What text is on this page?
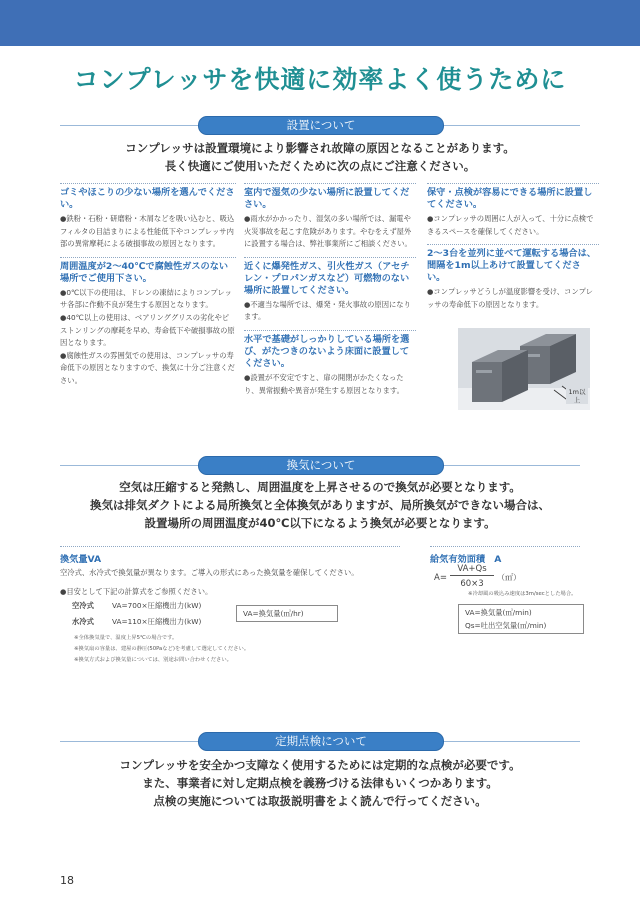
コンプレッサを快適に効率よく使うために
設置について
コンプレッサは設置環境により影響され故障の原因となることがあります。
長く快適にご使用いただくために次の点にご注意ください。
ゴミやほこりの少ない場所を選んでください。

●鉄粉・石粉・研磨粉・木屑などを吸い込むと、吸込フィルタの目詰まりによる性能低下やコンプレッサ内部の異常摩耗による破損事故の原因となります。

周囲温度が2〜40℃で腐蝕性ガスのない場所でご使用下さい。

●0℃以下の使用は、ドレンの凍結によりコンプレッサ各部に作動不良が発生する原因となります。

●40℃以上の使用は、ベアリンググリスの劣化やピストンリングの摩耗を早め、寿命低下や破損事故の原因となります。

●腐蝕性ガスの雰囲気での使用は、コンプレッサの寿命低下の原因となりますので、換気に十分ご注意ください。

室内で湿気の少ない場所に設置してください。

●雨水がかかったり、湿気の多い場所では、漏電や火災事故を起こす危険があります。やむをえず屋外に設置する場合は、弊社事業所にご相談ください。

近くに爆発性ガス、引火性ガス（アセチレン・プロパンガスなど）可燃物のない場所に設置してください。

●不適当な場所では、爆発・発火事故の原因になります。

水平で基礎がしっかりしている場所を選び、がたつきのないよう床面に設置してください。

●設置が不安定ですと、扉の開閉がかたくなったり、異常振動や異音が発生する原因となります。

保守・点検が容易にできる場所に設置してください。

●コンプレッサの周囲に人が入って、十分に点検できるスペースを確保してください。

2〜3台を並列に並べて運転する場合は、間隔を1m以上あけて設置してください。

●コンプレッサどうしが温度影響を受け、コンプレッサの寿命低下の原因となります。

1m以上
換気について
空気は圧縮すると発熱し、周囲温度を上昇させるので換気が必要となります。
換気は排気ダクトによる局所換気と全体換気がありますが、局所換気ができない場合は、
設置場所の周囲温度が40℃以下になるよう換気が必要となります。
換気量VA
空冷式、水冷式で換気量が異なります。ご導入の形式にあった換気量を確保してください。
●目安として下記の計算式をご参照ください。
空冷式 VA=700×圧縮機出力(kW)
水冷式 VA=110×圧縮機出力(kW)
VA=換気量(㎥/hr)
※全体換気量で、温度上昇5℃の場合です。
※換気扇の容量は、建屋の静圧(50Paなど)を考慮して選定してください。
※換気方式および換気量については、別途お問い合わせください。
給気有効面積　A
A=
VA+Qs
60×3
（㎡）
※冷却風の吸込み速度は3m/secとした場合。
VA=換気量(㎥/min)
Qs=吐出空気量(㎥/min)
定期点検について
コンプレッサを安全かつ支障なく使用するためには定期的な点検が必要です。
また、事業者に対し定期点検を義務づける法律もいくつかあります。
点検の実施については取扱説明書をよく読んで行ってください。
18
